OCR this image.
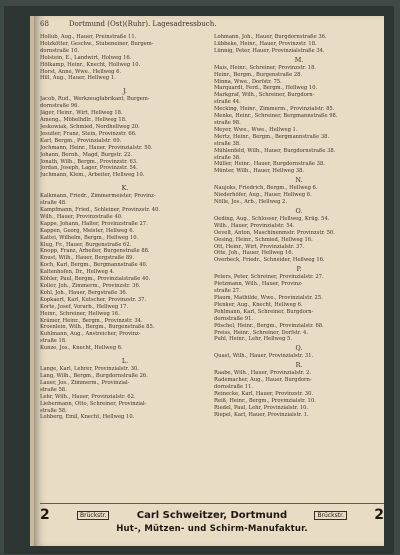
68	Dortmund (Ost)(Ruhr). Lagesadressbuch.
Hollub, Aug., Hauer, Preinstraße 11.
Holzkötter, Geschw., Stubeneiner, Burgem-
dornstraße 10.
Holstein, E., Landwirt, Holweg 16.
Hölkamp, Heinr., Knecht, Hollweg 10.
Horst, Anne, Wwe., Hellweg 6.
Hill, Aug., Hauer, Hellweg 1.
J.
Jacob, Rud., Werkzeugfabrikant, Burgem-
dornstraße 96.
Jäger, Heinr., Wirt, Hellweg 18.
Ameng., Möbelhdlr., Hellweg 18.
Jeskowiak, Schmied, Nordhellweg 20.
Jesuiter, Franz, Stein, Provinzstr. 66.
Karl, Bergm., Provinzialstr. 69.
Jochmann, Heinr., Hauer, Provinzialstr. 50.
Johann, Bernh., Magd, Burgstr. 22.
Jonath, Wilh., Bergm., Provinzstr. 63.
Jordan, Joseph, Lager, Provinzstr. 54.
Juchmann, Klem., Arbeiter, Hellweg 10.
K.
Kalkmann, Friedr., Zimmermeister, Provinz-
straße 48.
Kampfmann, Fried., Schleiner, Provinzstr. 40.
Wilh., Hauer, Provinzstraße 40.
Kappe, Johann, Halter, Provinzstraße 27.
Kappen, Georg, Meister, Hellweg 6.
Kattei, Wilhelm, Bergm., Hellweg 10.
Klug, Fr., Hauer, Burgenstraße 62.
Knopp, Franz, Arbeiter, Burgenstraße 88.
Knust, Wilh., Hauer, Bergstraße 89.
Koch, Karl, Bergm., Bergmannstraße 40.
Kaltenhofen, Dr., Hellweg 4.
Köhler, Paul, Bergm., Provinzialstraße 40.
Koller, Joh., Zimmerm., Provinzstr. 36.
Kohl, Joh., Hauer, Bergstraße 36.
Kopkaert, Karl, Kutscher, Provinzstr. 37.
Korte, Josef, Vorarb., Hellweg 17.
Heinr., Schreiner, Hellweg 16.
Krämer, Heinr., Bergm., Provinzstr. 34.
Kroenlein, Wilh., Bergm., Burgenstraße 85.
Kuhlmann, Aug., Anstreicher, Provinz-
straße 18.
Kunze, Jos., Knecht, Hellweg 6.
L.
Lange, Karl, Lehrer, Provinzialstr. 30.
Lang, Wilh., Bergm., Burgdornstraße 26.
Lauer, Jos., Zimmerm., Provinzial-
straße 58.
Lehr, Wilh., Hauer, Provinzialstr. 62.
Liebermann, Otto, Schreiner, Provinzial-
straße 58.
Lohberg, Emil, Knecht, Hellweg 10.
Lohmann, Joh., Hauer, Burgdornstraße 36.
Lübbeke, Heinr., Hauer, Provinzstr. 18.
Lünnig, Peter, Hauer, Provinzialstraße 34.
M.
Mais, Heinr., Schreiner, Provinzstr. 18.
Heinr., Bergm., Burgenstraße 28.
Minna, Wwe., Dorfstr. 75.
Marquardt, Ferd., Bergm., Hellweg 10.
Markgraf, Wilh., Schreiner, Burgdorn-
straße 44.
Mecking, Heinr., Zimmerm., Provinzialstr. 85.
Menke, Heinr., Schreiner, Bergmannstraße 98.
straße 98.
Meyer, Wwe., Wwe., Hellweg 1.
Mertz, Heinr., Bergm., Bergmannstraße 38.
straße 38.
Mühlenfeld, Wilh., Hauer, Burgdornstraße 38.
straße 38.
Müller, Heinr., Hauer, Burgdornstraße 38.
Münter, Wilh., Hauer, Hellweg 38.
N.
Naujoks, Friedrich, Bergm., Hellweg 6.
Niederhöfer, Aug., Hauer, Hellweg 6.
Nölle, Jos., Arb., Hellweg 2.
O.
Oeding, Aug., Schlosser, Hellweg, Krüg. 54.
Wilh., Hauer, Provinzialstr. 54.
Oevelt, Anton, Maschinenmstr. Provinzstr. 50.
Oesing, Heinr., Schmied, Hellweg 16.
Ott, Heinr., Wirt, Provinzialstr. 37.
Otte, Joh., Hauer, Hellweg 16.
Overbeck, Friedr., Schneider, Hellweg 16.
P.
Peters, Peter, Schreiner, Provinzialstr. 27.
Pietzmann, Wilh., Hauer, Provinz-
straße 27.
Plaum, Mathilde, Wwe., Provinzialstr. 25.
Plenker, Aug., Knecht, Hellweg 6.
Pohlmann, Karl, Schreiner, Burgdorn-
dornstraße 91.
Pöschel, Heinr., Bergm., Provinzialstr. 68.
Preiss, Heinr., Schreiner, Dorfstr. 4.
Puhl, Heinr., Lehr, Hellweg 5.
Q.
Quast, Wilh., Hauer, Provinzialstr. 31.
R.
Raabe, Wilh., Hauer, Provinzialstr. 2.
Rademacher, Aug., Hauer, Burgdorn-
dornstraße 11.
Reinecke, Karl, Hauer, Provinzstr. 30.
Reiß, Heinr., Bergm., Provinzialstr. 10.
Riedel, Paul, Lehr, Provinzialstr. 10.
Riepel, Karl, Hauer, Provinzialstr. 1.
2	Brückstr.	Carl Schweitzer, Dortmund	Brückstr. 2
Hut-, Mützen- und Schirm-Manufaktur.
